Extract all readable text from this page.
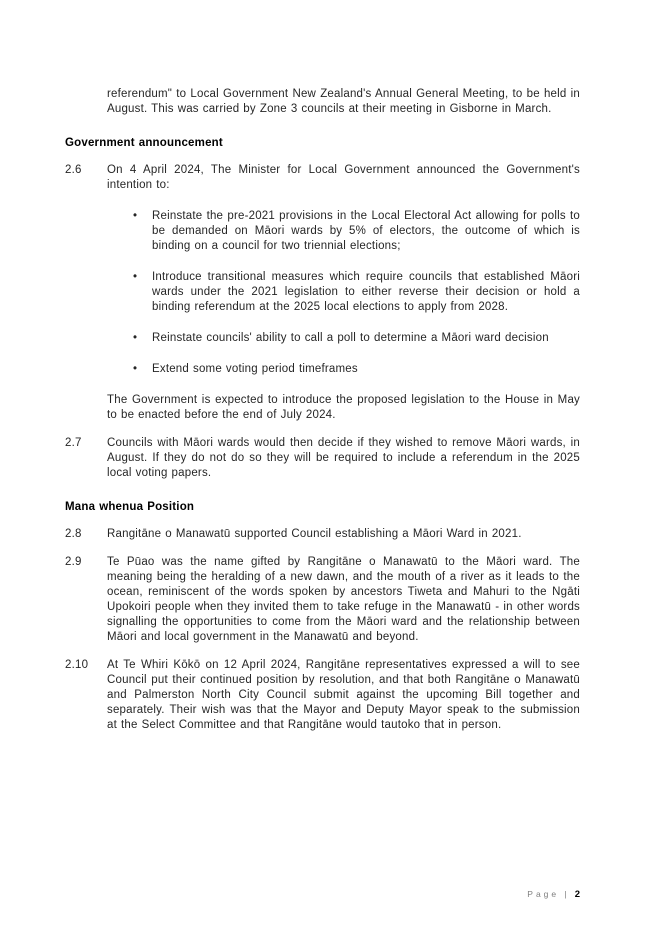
referendum" to Local Government New Zealand's Annual General Meeting, to be held in August. This was carried by Zone 3 councils at their meeting in Gisborne in March.
Government announcement
2.6	On 4 April 2024, The Minister for Local Government announced the Government's intention to:
•	Reinstate the pre-2021 provisions in the Local Electoral Act allowing for polls to be demanded on Māori wards by 5% of electors, the outcome of which is binding on a council for two triennial elections;
•	Introduce transitional measures which require councils that established Māori wards under the 2021 legislation to either reverse their decision or hold a binding referendum at the 2025 local elections to apply from 2028.
•	Reinstate councils' ability to call a poll to determine a Māori ward decision
•	Extend some voting period timeframes
The Government is expected to introduce the proposed legislation to the House in May to be enacted before the end of July 2024.
2.7	Councils with Māori wards would then decide if they wished to remove Māori wards, in August. If they do not do so they will be required to include a referendum in the 2025 local voting papers.
Mana whenua Position
2.8	Rangitāne o Manawatū supported Council establishing a Māori Ward in 2021.
2.9	Te Pūao was the name gifted by Rangitāne o Manawatū to the Māori ward. The meaning being the heralding of a new dawn, and the mouth of a river as it leads to the ocean, reminiscent of the words spoken by ancestors Tiweta and Mahuri to the Ngāti Upokoiri people when they invited them to take refuge in the Manawatū - in other words signalling the opportunities to come from the Māori ward and the relationship between Māori and local government in the Manawatū and beyond.
2.10	At Te Whiri Kōkō on 12 April 2024, Rangitāne representatives expressed a will to see Council put their continued position by resolution, and that both Rangitāne o Manawatū and Palmerston North City Council submit against the upcoming Bill together and separately. Their wish was that the Mayor and Deputy Mayor speak to the submission at the Select Committee and that Rangitāne would tautoko that in person.
Page | 2
